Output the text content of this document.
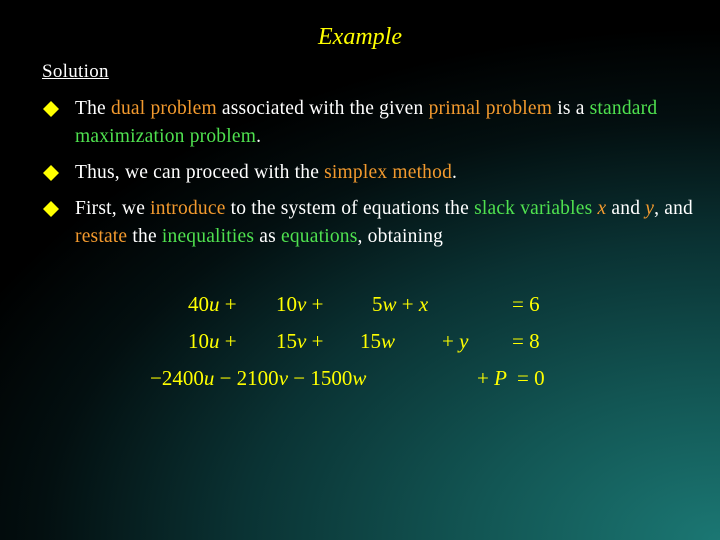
Example
Solution
The dual problem associated with the given primal problem is a standard maximization problem.
Thus, we can proceed with the simplex method.
First, we introduce to the system of equations the slack variables x and y, and restate the inequalities as equations, obtaining
40u + 10v + 5w + x	= 6
10u + 15v + 15w + y = 8
−2400u − 2100v − 1500w	+ P = 0
